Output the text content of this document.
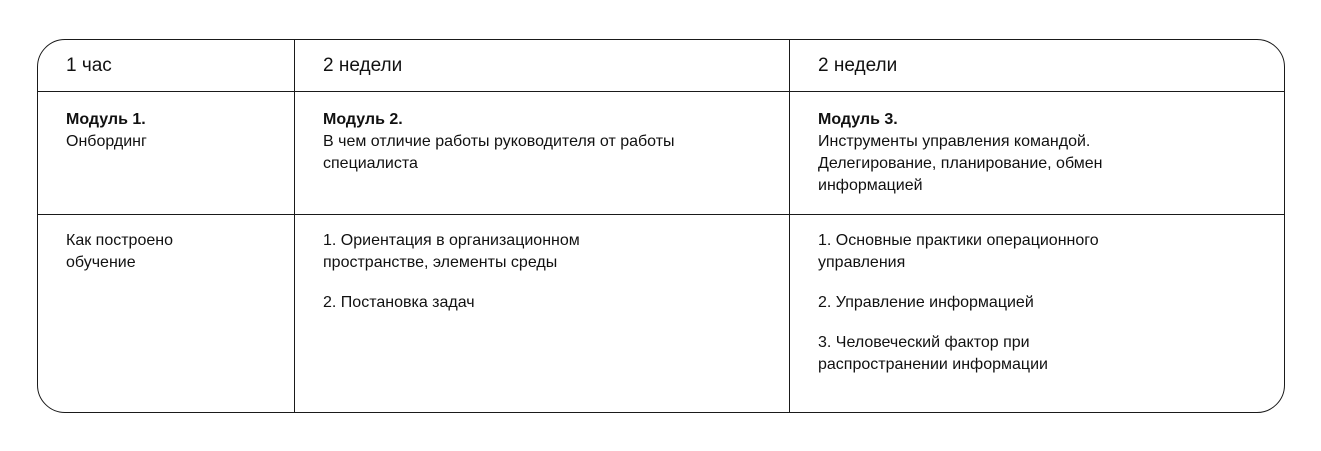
1 час
Модуль 1.
Онбординг
Как построено обучение
2 недели
Модуль 2.
В чем отличие работы руководителя от работы специалиста
1. Ориентация в организационном пространстве, элементы среды
2. Постановка задач
2 недели
Модуль 3.
Инструменты управления командой. Делегирование, планирование, обмен информацией
1. Основные практики операционного управления
2. Управление информацией
3. Человеческий фактор при распространении информации
